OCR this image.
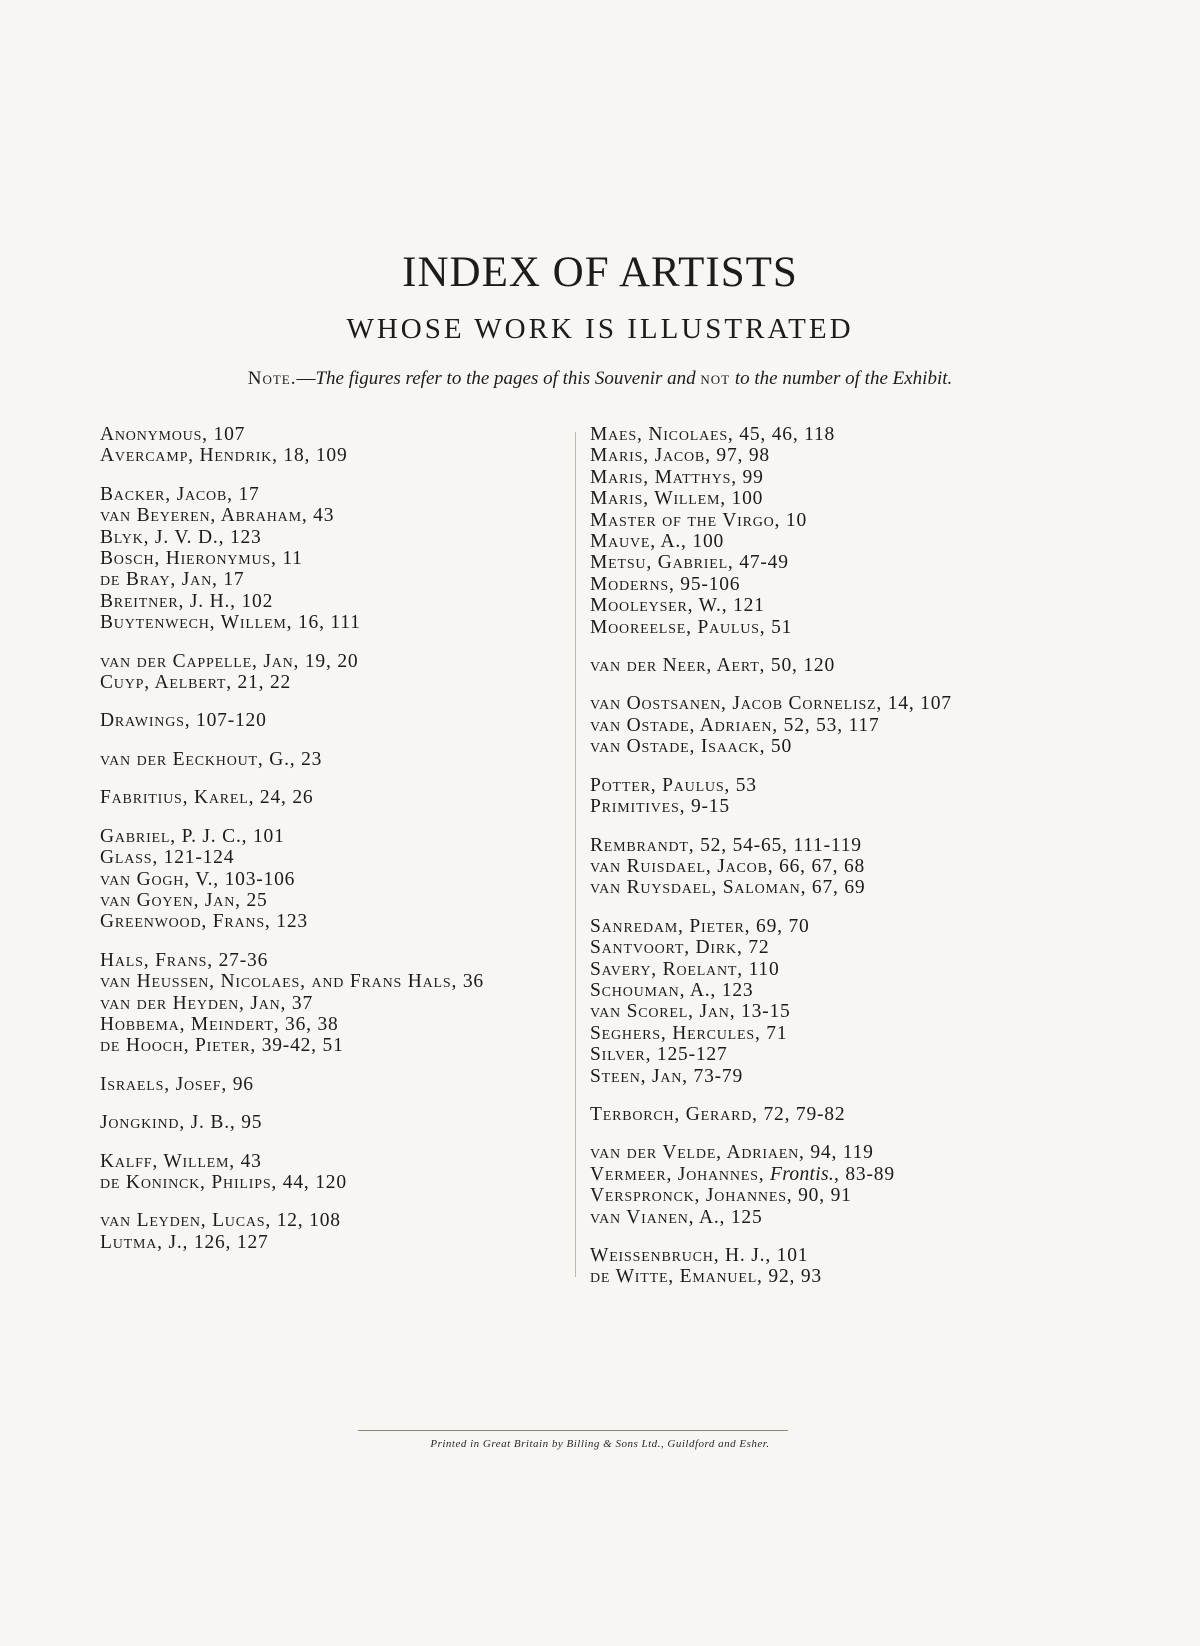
INDEX OF ARTISTS
WHOSE WORK IS ILLUSTRATED
Note.—The figures refer to the pages of this Souvenir and not to the number of the Exhibit.
Anonymous, 107
Avercamp, Hendrik, 18, 109
Backer, Jacob, 17
van Beyeren, Abraham, 43
Blyk, J. V. D., 123
Bosch, Hieronymus, 11
de Bray, Jan, 17
Breitner, J. H., 102
Buytenwech, Willem, 16, 111
van der Cappelle, Jan, 19, 20
Cuyp, Aelbert, 21, 22
Drawings, 107-120
van der Eeckhout, G., 23
Fabritius, Karel, 24, 26
Gabriel, P. J. C., 101
Glass, 121-124
van Gogh, V., 103-106
van Goyen, Jan, 25
Greenwood, Frans, 123
Hals, Frans, 27-36
van Heussen, Nicolaes, and Frans Hals, 36
van der Heyden, Jan, 37
Hobbema, Meindert, 36, 38
de Hooch, Pieter, 39-42, 51
Israels, Josef, 96
Jongkind, J. B., 95
Kalff, Willem, 43
de Koninck, Philips, 44, 120
van Leyden, Lucas, 12, 108
Lutma, J., 126, 127
Maes, Nicolaes, 45, 46, 118
Maris, Jacob, 97, 98
Maris, Matthys, 99
Maris, Willem, 100
Master of the Virgo, 10
Mauve, A., 100
Metsu, Gabriel, 47-49
Moderns, 95-106
Mooleyser, W., 121
Mooreelse, Paulus, 51
van der Neer, Aert, 50, 120
van Oostsanen, Jacob Cornelisz, 14, 107
van Ostade, Adriaen, 52, 53, 117
van Ostade, Isaack, 50
Potter, Paulus, 53
Primitives, 9-15
Rembrandt, 52, 54-65, 111-119
van Ruisdael, Jacob, 66, 67, 68
van Ruysdael, Saloman, 67, 69
Sanredam, Pieter, 69, 70
Santvoort, Dirk, 72
Savery, Roelant, 110
Schouman, A., 123
van Scorel, Jan, 13-15
Seghers, Hercules, 71
Silver, 125-127
Steen, Jan, 73-79
Terborch, Gerard, 72, 79-82
van der Velde, Adriaen, 94, 119
Vermeer, Johannes, Frontis., 83-89
Verspronck, Johannes, 90, 91
van Vianen, A., 125
Weissenbruch, H. J., 101
de Witte, Emanuel, 92, 93
Printed in Great Britain by Billing & Sons Ltd., Guildford and Esher.
